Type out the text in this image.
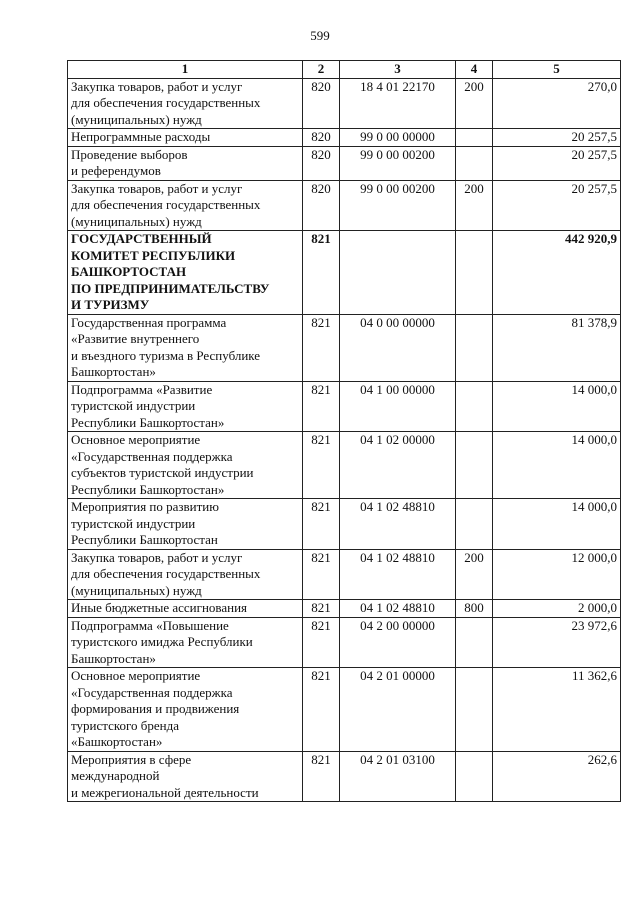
599
1	2	3	4	5
Закупка товаров, работ и услуг
для обеспечения государственных
(муниципальных) нужд	820	18 4 01 22170	200	270,0
Непрограммные расходы	820	99 0 00 00000		20 257,5
Проведение выборов
и референдумов	820	99 0 00 00200		20 257,5
Закупка товаров, работ и услуг
для обеспечения государственных
(муниципальных) нужд	820	99 0 00 00200	200	20 257,5
ГОСУДАРСТВЕННЫЙ
КОМИТЕТ РЕСПУБЛИКИ
БАШКОРТОСТАН
ПО ПРЕДПРИНИМАТЕЛЬСТВУ
И ТУРИЗМУ	821			442 920,9
Государственная программа
«Развитие внутреннего
и въездного туризма в Республике
Башкортостан»	821	04 0 00 00000		81 378,9
Подпрограмма «Развитие
туристской индустрии
Республики Башкортостан»	821	04 1 00 00000		14 000,0
Основное мероприятие
«Государственная поддержка
субъектов туристской индустрии
Республики Башкортостан»	821	04 1 02 00000		14 000,0
Мероприятия по развитию
туристской индустрии
Республики Башкортостан	821	04 1 02 48810		14 000,0
Закупка товаров, работ и услуг
для обеспечения государственных
(муниципальных) нужд	821	04 1 02 48810	200	12 000,0
Иные бюджетные ассигнования	821	04 1 02 48810	800	2 000,0
Подпрограмма «Повышение
туристского имиджа Республики
Башкортостан»	821	04 2 00 00000		23 972,6
Основное мероприятие
«Государственная поддержка
формирования и продвижения
туристского бренда
«Башкортостан»	821	04 2 01 00000		11 362,6
Мероприятия в сфере
международной
и межрегиональной деятельности	821	04 2 01 03100		262,6
